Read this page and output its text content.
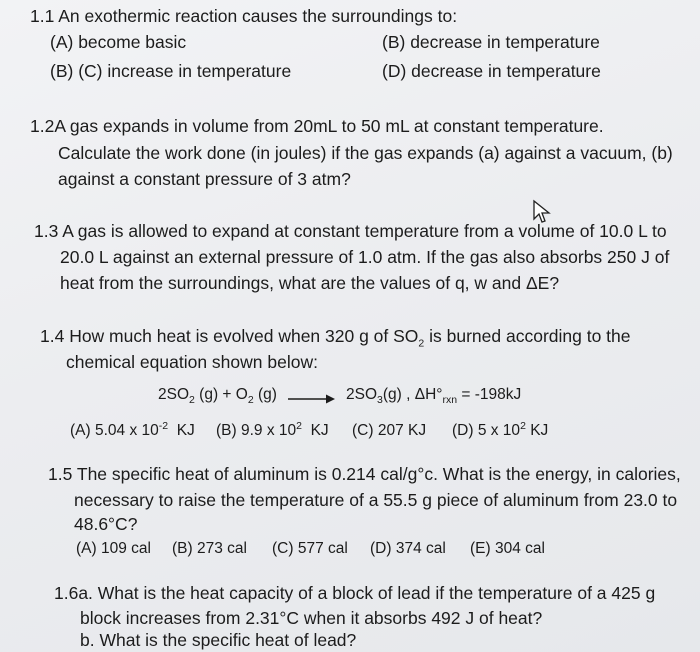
1.1 An exothermic reaction causes the surroundings to:
(A) become basic	(B) decrease in temperature
(B) (C) increase in temperature	(D) decrease in temperature
1.2A gas expands in volume from 20mL to 50 mL at constant temperature.
Calculate the work done (in joules) if the gas expands (a) against a vacuum, (b)
against a constant pressure of 3 atm?
1.3 A gas is allowed to expand at constant temperature from a volume of 10.0 L to
20.0 L against an external pressure of 1.0 atm. If the gas also absorbs 250 J of
heat from the surroundings, what are the values of q, w and ΔE?
1.4 How much heat is evolved when 320 g of $SO_2$ is burned according to the
chemical equation shown below:
$2SO_2$ $(g) + O_2$ $(g) \to 2SO_3(g)$ , $\Delta H^\circ_{rxn} = -198kJ$
(A) 5.04 x $10^{-2}$ KJ (B) 9.9 x $10^2$ KJ (C) 207 KJ (D) 5 x $10^2$ KJ
1.5 The specific heat of aluminum is 0.214 cal/g°c. What is the energy, in calories,
necessary to raise the temperature of a 55.5 g piece of aluminum from 23.0 to
48.6°C?
(A) 109 cal (B) 273 cal (C) 577 cal (D) 374 cal (E) 304 cal
1.6a. What is the heat capacity of a block of lead if the temperature of a 425 g
block increases from 2.31°C when it absorbs 492 J of heat?
b. What is the specific heat of lead?
